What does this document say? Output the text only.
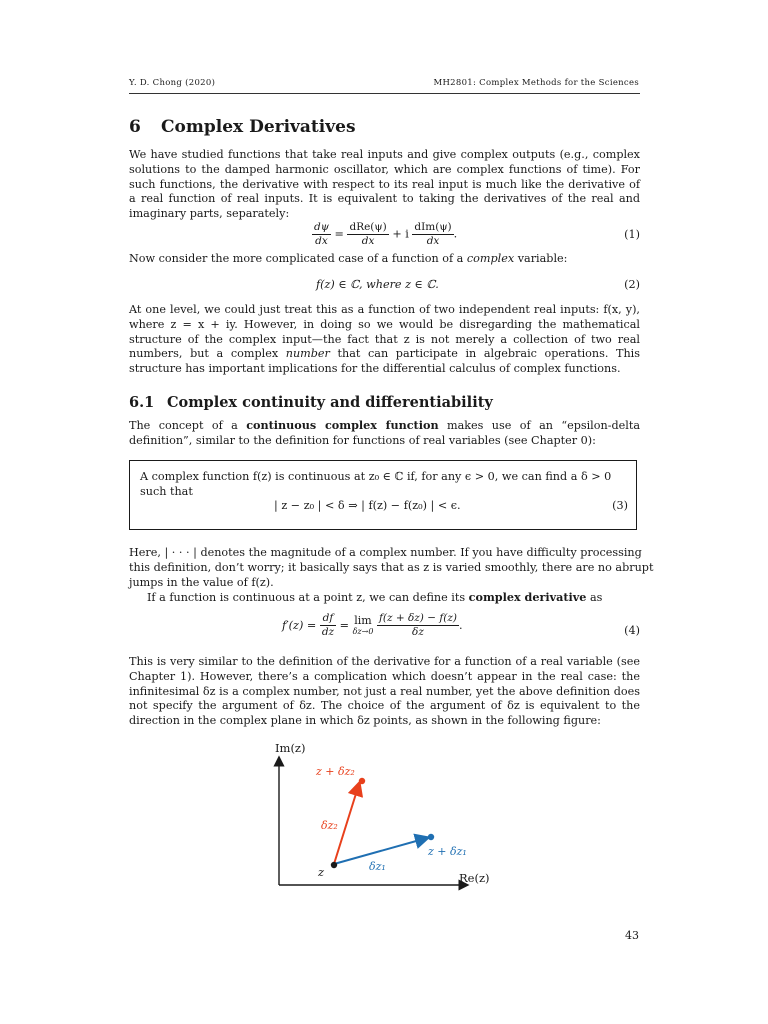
Y. D. Chong (2020)	MH2801: Complex Methods for the Sciences
6 Complex Derivatives

We have studied functions that take real inputs and give complex outputs (e.g., complex solutions to the damped harmonic oscillator, which are complex functions of time). For such functions, the derivative with respect to its real input is much like the derivative of a real function of real inputs. It is equivalent to taking the derivatives of the real and imaginary parts, separately:

$\frac{d\psi}{dx} = \frac{\text{dRe(ψ)}}{dx} + i \frac{\text{dIm(ψ)}}{dx}$ .	(1)
Now consider the more complicated case of a function of a complex variable:
f(z) ∈ ℂ, where z ∈ ℂ.	(2)

At one level, we could just treat this as a function of two independent real inputs: f(x, y), where z = x + iy. However, in doing so we would be disregarding the mathematical structure of the complex input—the fact that z is not merely a collection of two real numbers, but a complex number that can participate in algebraic operations. This structure has important implications for the differential calculus of complex functions.

6.1 Complex continuity and differentiability

The concept of a continuous complex function makes use of an “epsilon-delta definition”, similar to the definition for functions of real variables (see Chapter 0):

A complex function f(z) is continuous at z₀ ∈ ℂ if, for any ϵ > 0, we can find a δ > 0
such that
| z − z₀ | < δ ⇒ | f(z) − f(z₀) | < ϵ.	(3)
Here, | · · · | denotes the magnitude of a complex number. If you have difficulty processing
this definition, don’t worry; it basically says that as z is varied smoothly, there are no abrupt
jumps in the value of f(z).
If a function is continuous at a point z, we can define its complex derivative as
$f'(z) = \frac{df}{dz} = \lim$
δz→0
$\frac{f(z + \delta z) - f(z)}{\delta z}$ .	(4)

This is very similar to the definition of the derivative for a function of a real variable (see Chapter 1). However, there’s a complication which doesn’t appear in the real case: the infinitesimal δz is a complex number, not just a real number, yet the above definition does not specify the argument of δz. The choice of the argument of δz is equivalent to the direction in the complex plane in which δz points, as shown in the following figure:

Im(z)
Re(z)
z
z + δz₂
δz₂
z + δz₁
δz₁
43
